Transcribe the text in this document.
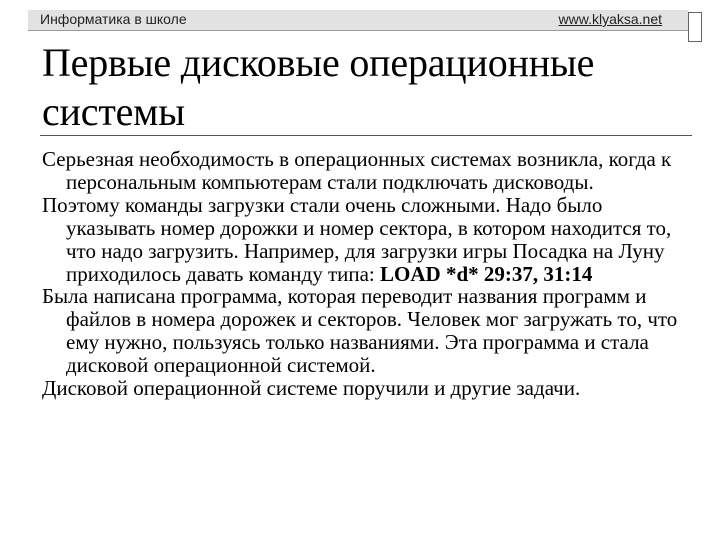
Информатика в школе	www.klyaksa.net
Первые дисковые операционные системы

Серьезная необходимость в операционных системах возникла, когда к персональным компьютерам стали подключать дисководы.

Поэтому команды загрузки стали очень сложными. Надо было указывать номер дорожки и номер сектора, в котором находится то, что надо загрузить. Например, для загрузки игры Посадка на Луну приходилось давать команду типа: LOAD *d* 29:37, 31:14

Была написана программа, которая переводит названия программ и файлов в номера дорожек и секторов. Человек мог загружать то, что ему нужно, пользуясь только названиями. Эта программа и стала дисковой операционной системой.

Дисковой операционной системе поручили и другие задачи.
